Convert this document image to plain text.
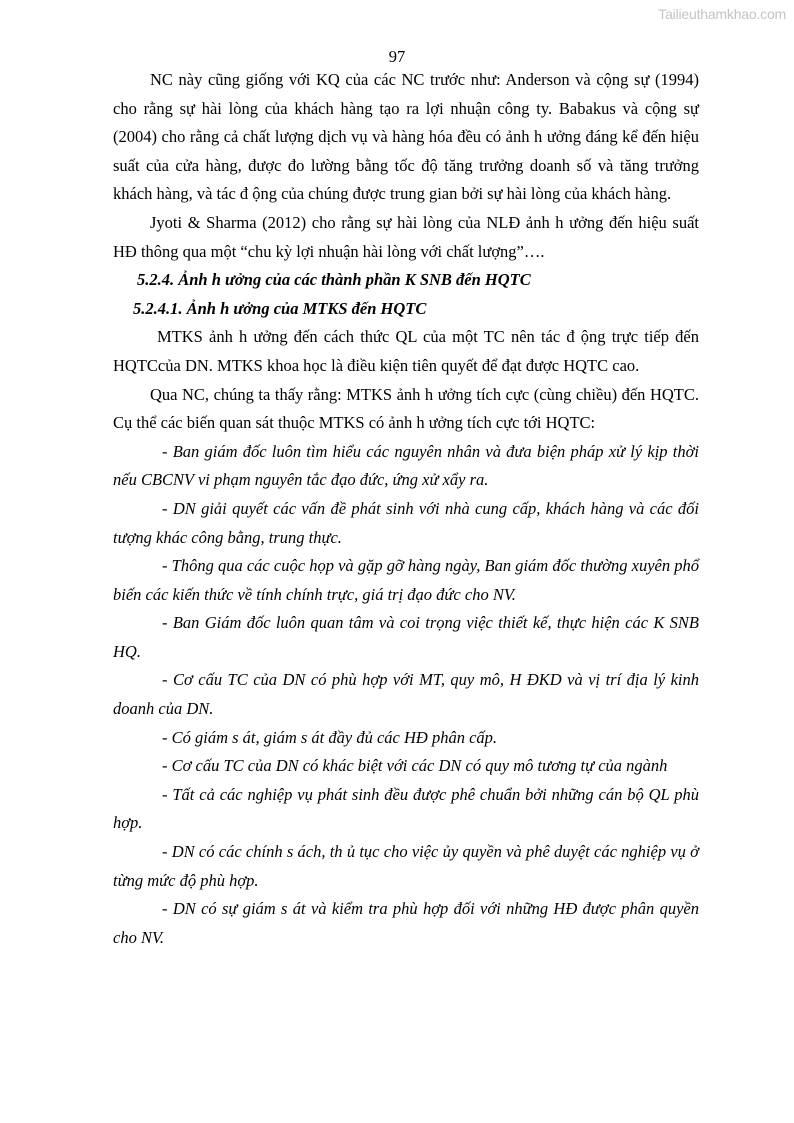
Tailieuthamkhao.com
97

NC này cũng giống với KQ của các NC trước như: Anderson và cộng sự (1994) cho rằng sự hài lòng của khách hàng tạo ra lợi nhuận công ty. Babakus và cộng sự (2004) cho rằng cả chất lượng dịch vụ và hàng hóa đều có ảnh h ưởng đáng kể đến hiệu suất của cửa hàng, được đo lường bằng tốc độ tăng trưởng doanh số và tăng trưởng khách hàng, và tác đ ộng của chúng được trung gian bởi sự hài lòng của khách hàng.

Jyoti & Sharma (2012) cho rằng sự hài lòng của NLĐ ảnh h ưởng đến hiệu suất HĐ thông qua một “chu kỳ lợi nhuận hài lòng với chất lượng”….

5.2.4. Ảnh h ưởng của các thành phần K SNB đến HQTC
5.2.4.1. Ảnh h ưởng của MTKS đến HQTC

MTKS ảnh h ưởng đến cách thức QL của một TC nên tác đ ộng trực tiếp đến HQTCcủa DN. MTKS khoa học là điều kiện tiên quyết để đạt được HQTC cao.

Qua NC, chúng ta thấy rằng: MTKS ảnh h ưởng tích cực (cùng chiều) đến HQTC. Cụ thể các biến quan sát thuộc MTKS có ảnh h ưởng tích cực tới HQTC:

- Ban giám đốc luôn tìm hiểu các nguyên nhân và đưa biện pháp xử lý kịp thời nếu CBCNV vi phạm nguyên tắc đạo đức, ứng xử xẩy ra.

- DN giải quyết các vấn đề phát sinh với nhà cung cấp, khách hàng và các đối tượng khác công bằng, trung thực.

- Thông qua các cuộc họp và gặp gỡ hàng ngày, Ban giám đốc thường xuyên phổ biến các kiến thức về tính chính trực, giá trị đạo đức cho NV.

- Ban Giám đốc luôn quan tâm và coi trọng việc thiết kế, thực hiện các K SNB HQ.

- Cơ cấu TC của DN có phù hợp với MT, quy mô, H ĐKD và vị trí địa lý kinh doanh của DN.

- Có giám s át, giám s át đầy đủ các HĐ phân cấp.

- Cơ cấu TC của DN có khác biệt với các DN có quy mô tương tự của ngành

- Tất cả các nghiệp vụ phát sinh đều được phê chuẩn bởi những cán bộ QL phù hợp.

- DN có các chính s ách, th ủ tục cho việc ủy quyền và phê duyệt các nghiệp vụ ở từng mức độ phù hợp.

- DN có sự giám s át và kiểm tra phù hợp đối với những HĐ được phân quyền cho NV.
